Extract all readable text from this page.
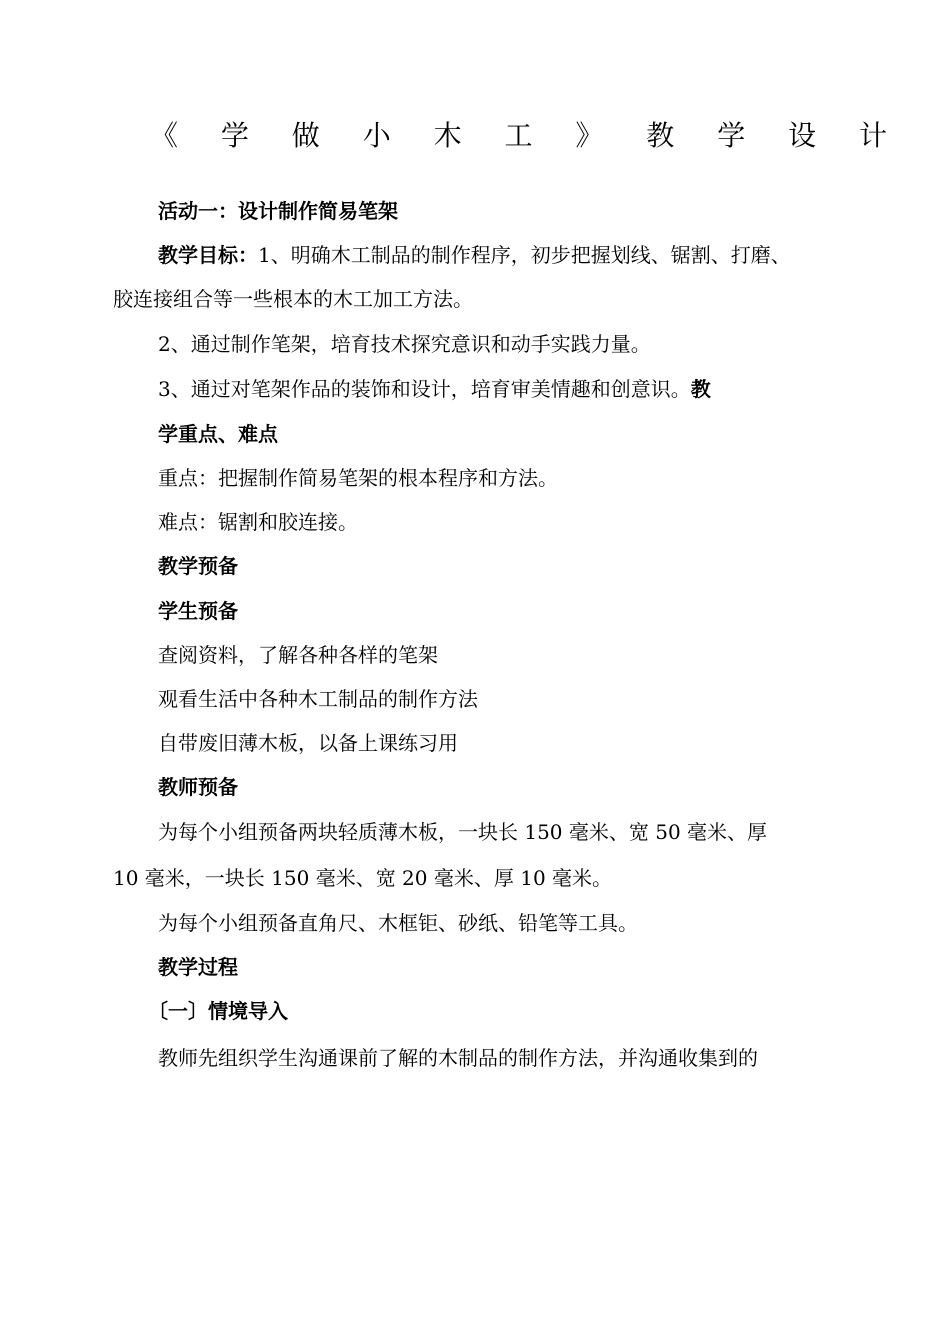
《 学 做 小 木 工 》 教 学 设 计
活动一：设计制作简易笔架
教学目标：1、明确木工制品的制作程序，初步把握划线、锯割、打磨、
胶连接组合等一些根本的木工加工方法。
2、通过制作笔架，培育技术探究意识和动手实践力量。
3、通过对笔架作品的装饰和设计，培育审美情趣和创意识。教
学重点、难点
重点：把握制作简易笔架的根本程序和方法。
难点：锯割和胶连接。
教学预备
学生预备
查阅资料，了解各种各样的笔架
观看生活中各种木工制品的制作方法
自带废旧薄木板，以备上课练习用
教师预备
为每个小组预备两块轻质薄木板，一块长 150 毫米、宽 50 毫米、厚
10 毫米，一块长 150 毫米、宽 20 毫米、厚 10 毫米。
为每个小组预备直角尺、木框钜、砂纸、铅笔等工具。
教学过程
〔一〕情境导入
教师先组织学生沟通课前了解的木制品的制作方法，并沟通收集到的
